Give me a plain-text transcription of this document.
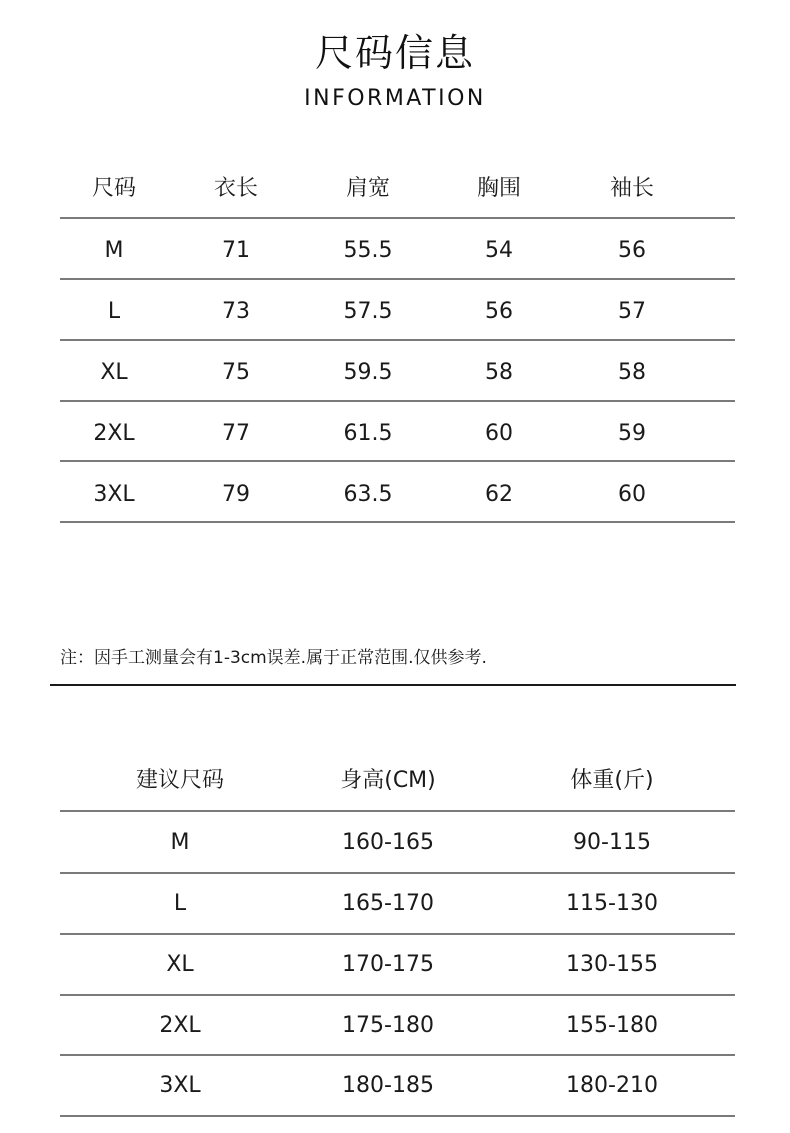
尺码信息
INFORMATION
尺码	衣长	肩宽	胸围	袖长
M	71	55.5	54	56
L	73	57.5	56	57
XL	75	59.5	58	58
2XL	77	61.5	60	59
3XL	79	63.5	62	60
注：因手工测量会有1-3cm误差.属于正常范围.仅供参考.
建议尺码	身高(CM)	体重(斤)
M	160-165	90-115
L	165-170	115-130
XL	170-175	130-155
2XL	175-180	155-180
3XL	180-185	180-210
